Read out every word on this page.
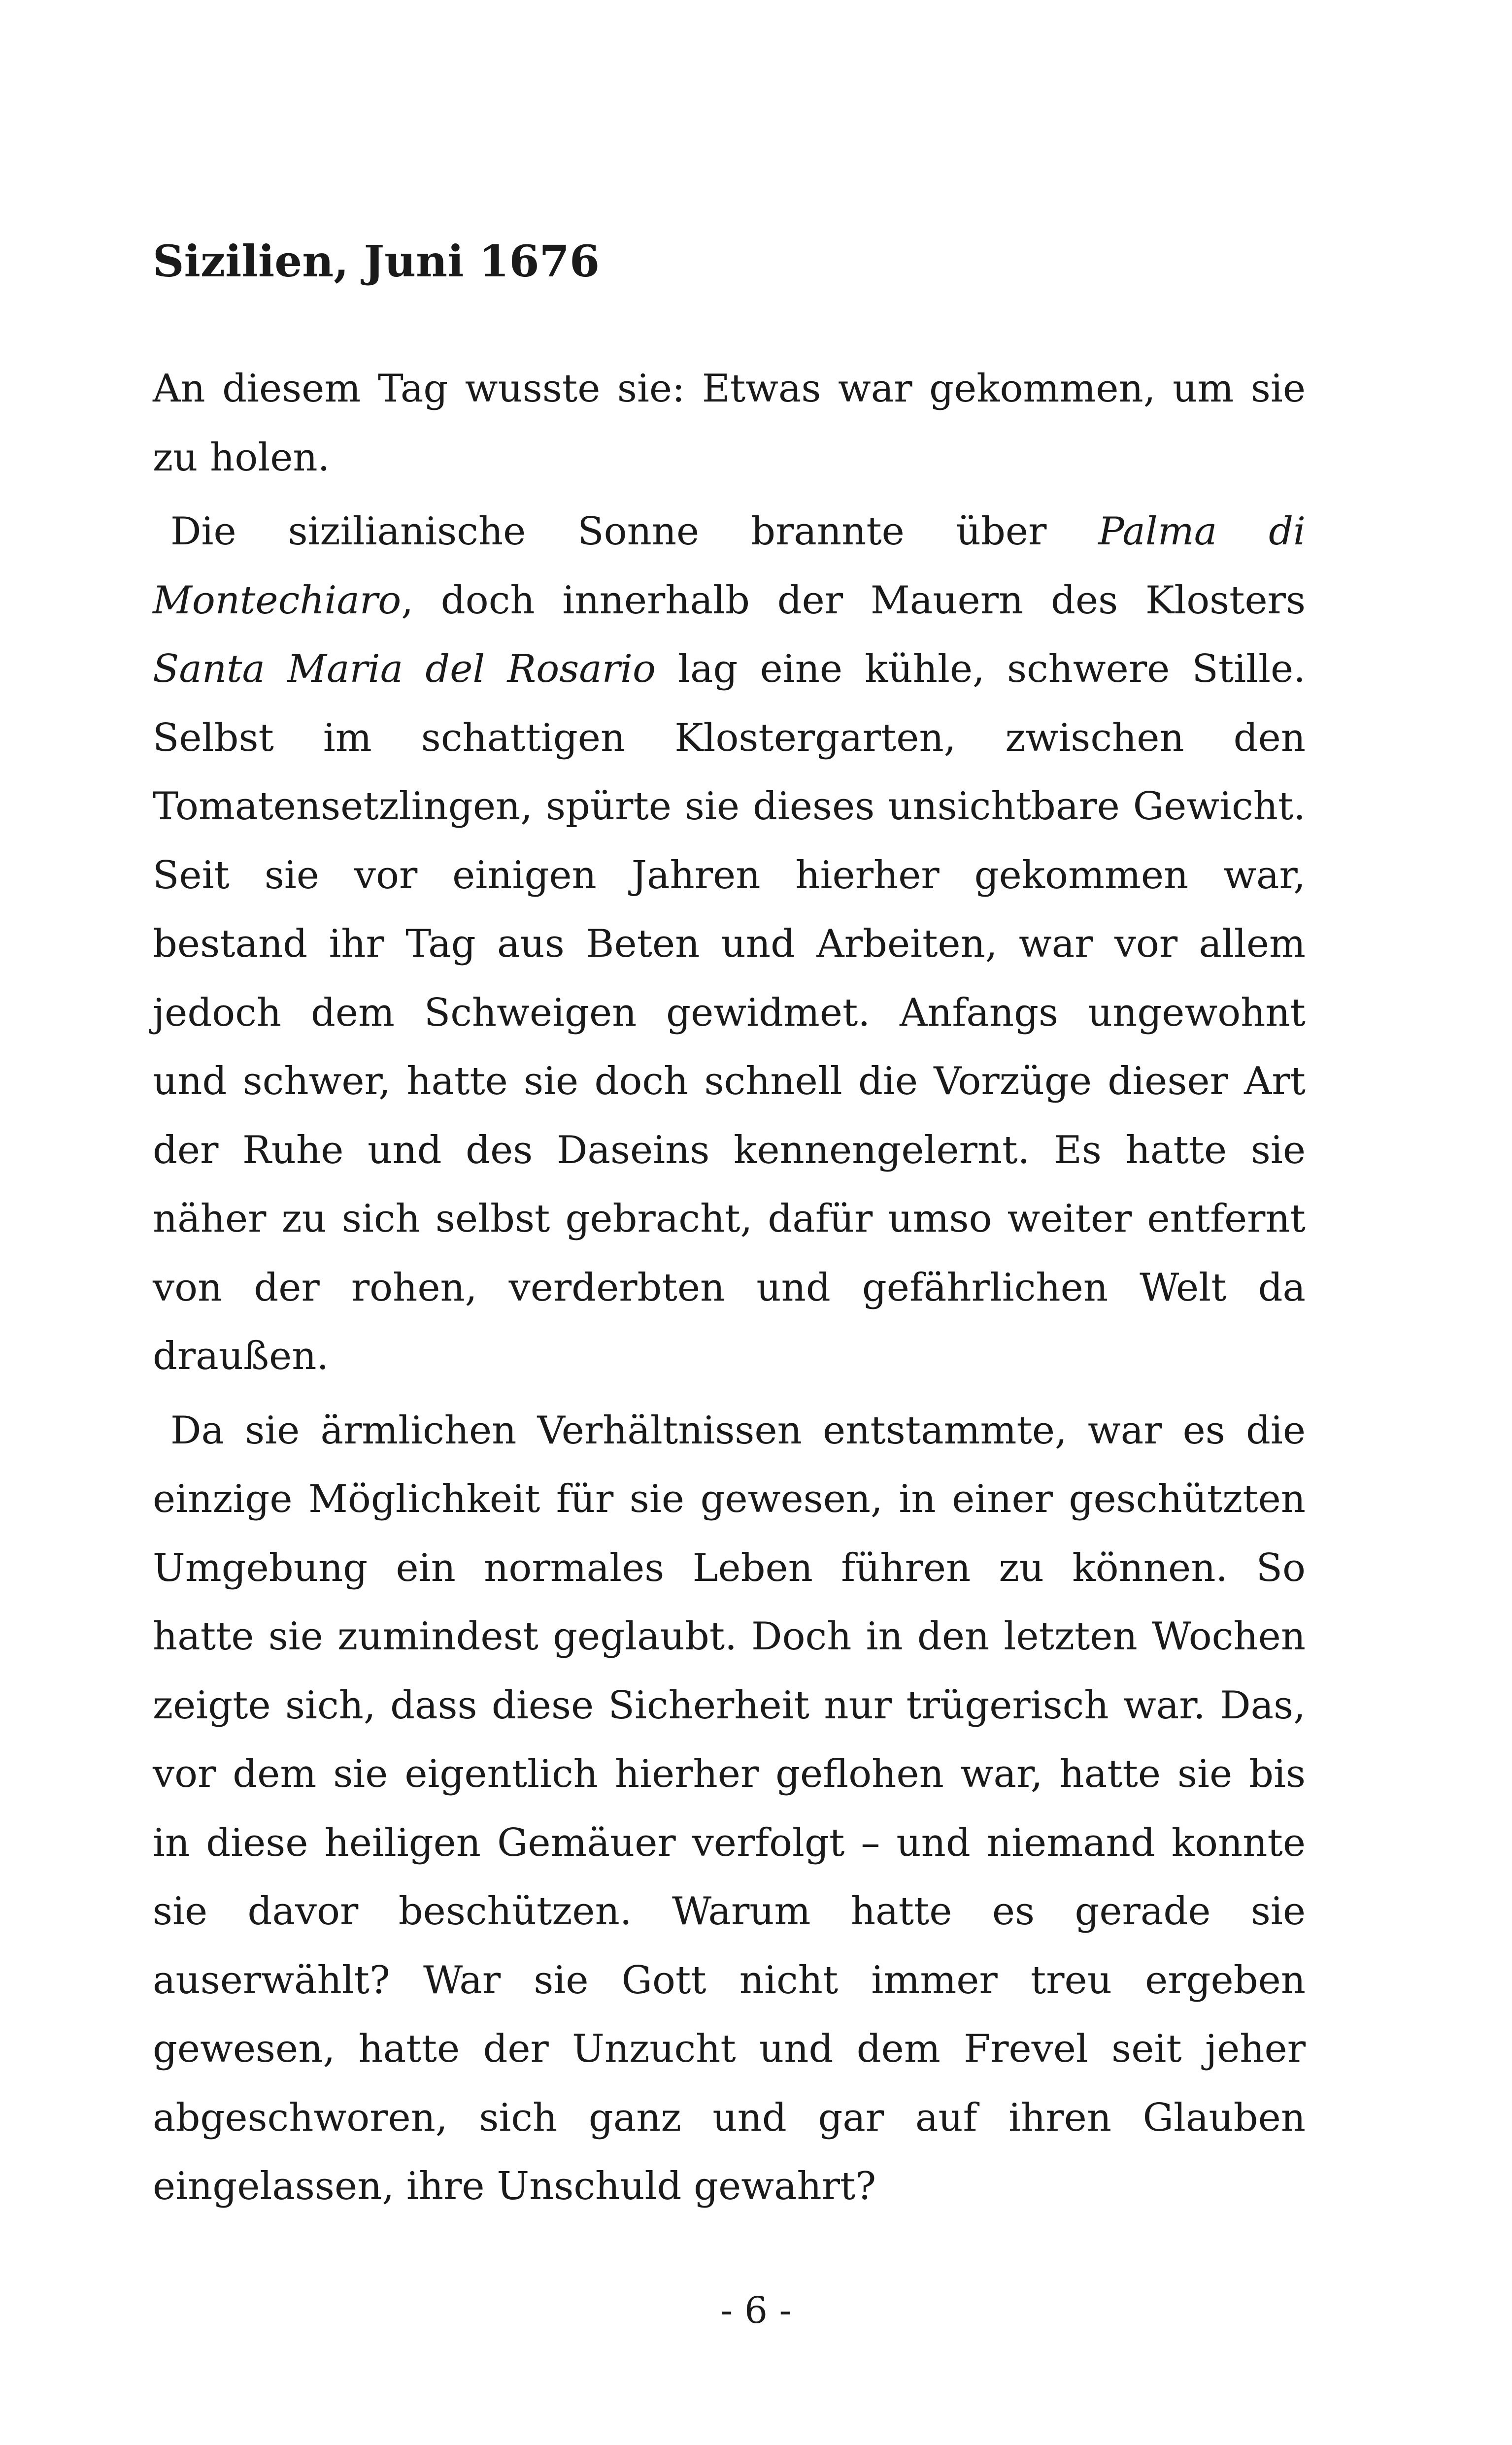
Sizilien, Juni 1676

An diesem Tag wusste sie: Etwas war gekommen, um sie zu holen.

Die sizilianische Sonne brannte über Palma di Montechiaro, doch innerhalb der Mauern des Klosters Santa Maria del Rosario lag eine kühle, schwere Stille. Selbst im schattigen Klostergarten, zwischen den Tomatensetzlingen, spürte sie dieses unsichtbare Gewicht. Seit sie vor einigen Jahren hierher gekommen war, bestand ihr Tag aus Beten und Arbeiten, war vor allem jedoch dem Schweigen gewidmet. Anfangs ungewohnt und schwer, hatte sie doch schnell die Vorzüge dieser Art der Ruhe und des Daseins kennengelernt. Es hatte sie näher zu sich selbst gebracht, dafür umso weiter entfernt von der rohen, verderbten und gefährlichen Welt da draußen.

Da sie ärmlichen Verhältnissen entstammte, war es die einzige Möglichkeit für sie gewesen, in einer geschützten Umgebung ein normales Leben führen zu können. So hatte sie zumindest geglaubt. Doch in den letzten Wochen zeigte sich, dass diese Sicherheit nur trügerisch war. Das, vor dem sie eigentlich hierher geflohen war, hatte sie bis in diese heiligen Gemäuer verfolgt – und niemand konnte sie davor beschützen. Warum hatte es gerade sie auserwählt? War sie Gott nicht immer treu ergeben gewesen, hatte der Unzucht und dem Frevel seit jeher abgeschworen, sich ganz und gar auf ihren Glauben eingelassen, ihre Unschuld gewahrt?

- 6 -
